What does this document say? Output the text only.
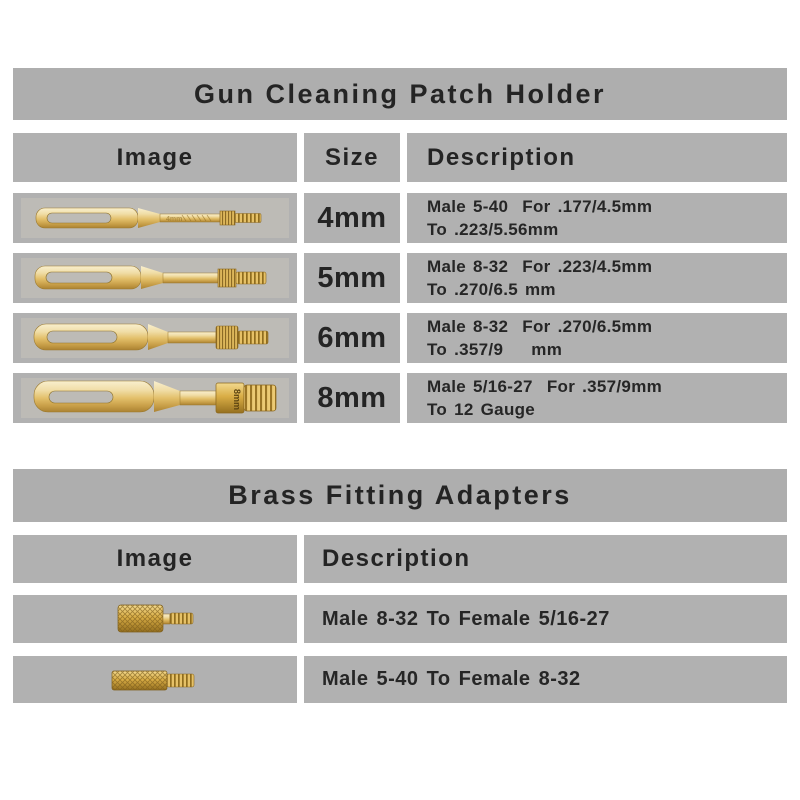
Gun Cleaning Patch Holder
Image	Size Description
4mm	4mm Male 5-40  For .177/4.5mm
To .223/5.56mm
5mm Male 8-32  For .223/4.5mm
To .270/6.5 mm
6mm Male 8-32  For .270/6.5mm
To .357/9    mm
8mm	8mm Male 5/16-27  For .357/9mm
To 12 Gauge
Brass Fitting Adapters
Image	Description
Male 8-32 To Female 5/16-27
Male 5-40 To Female 8-32
